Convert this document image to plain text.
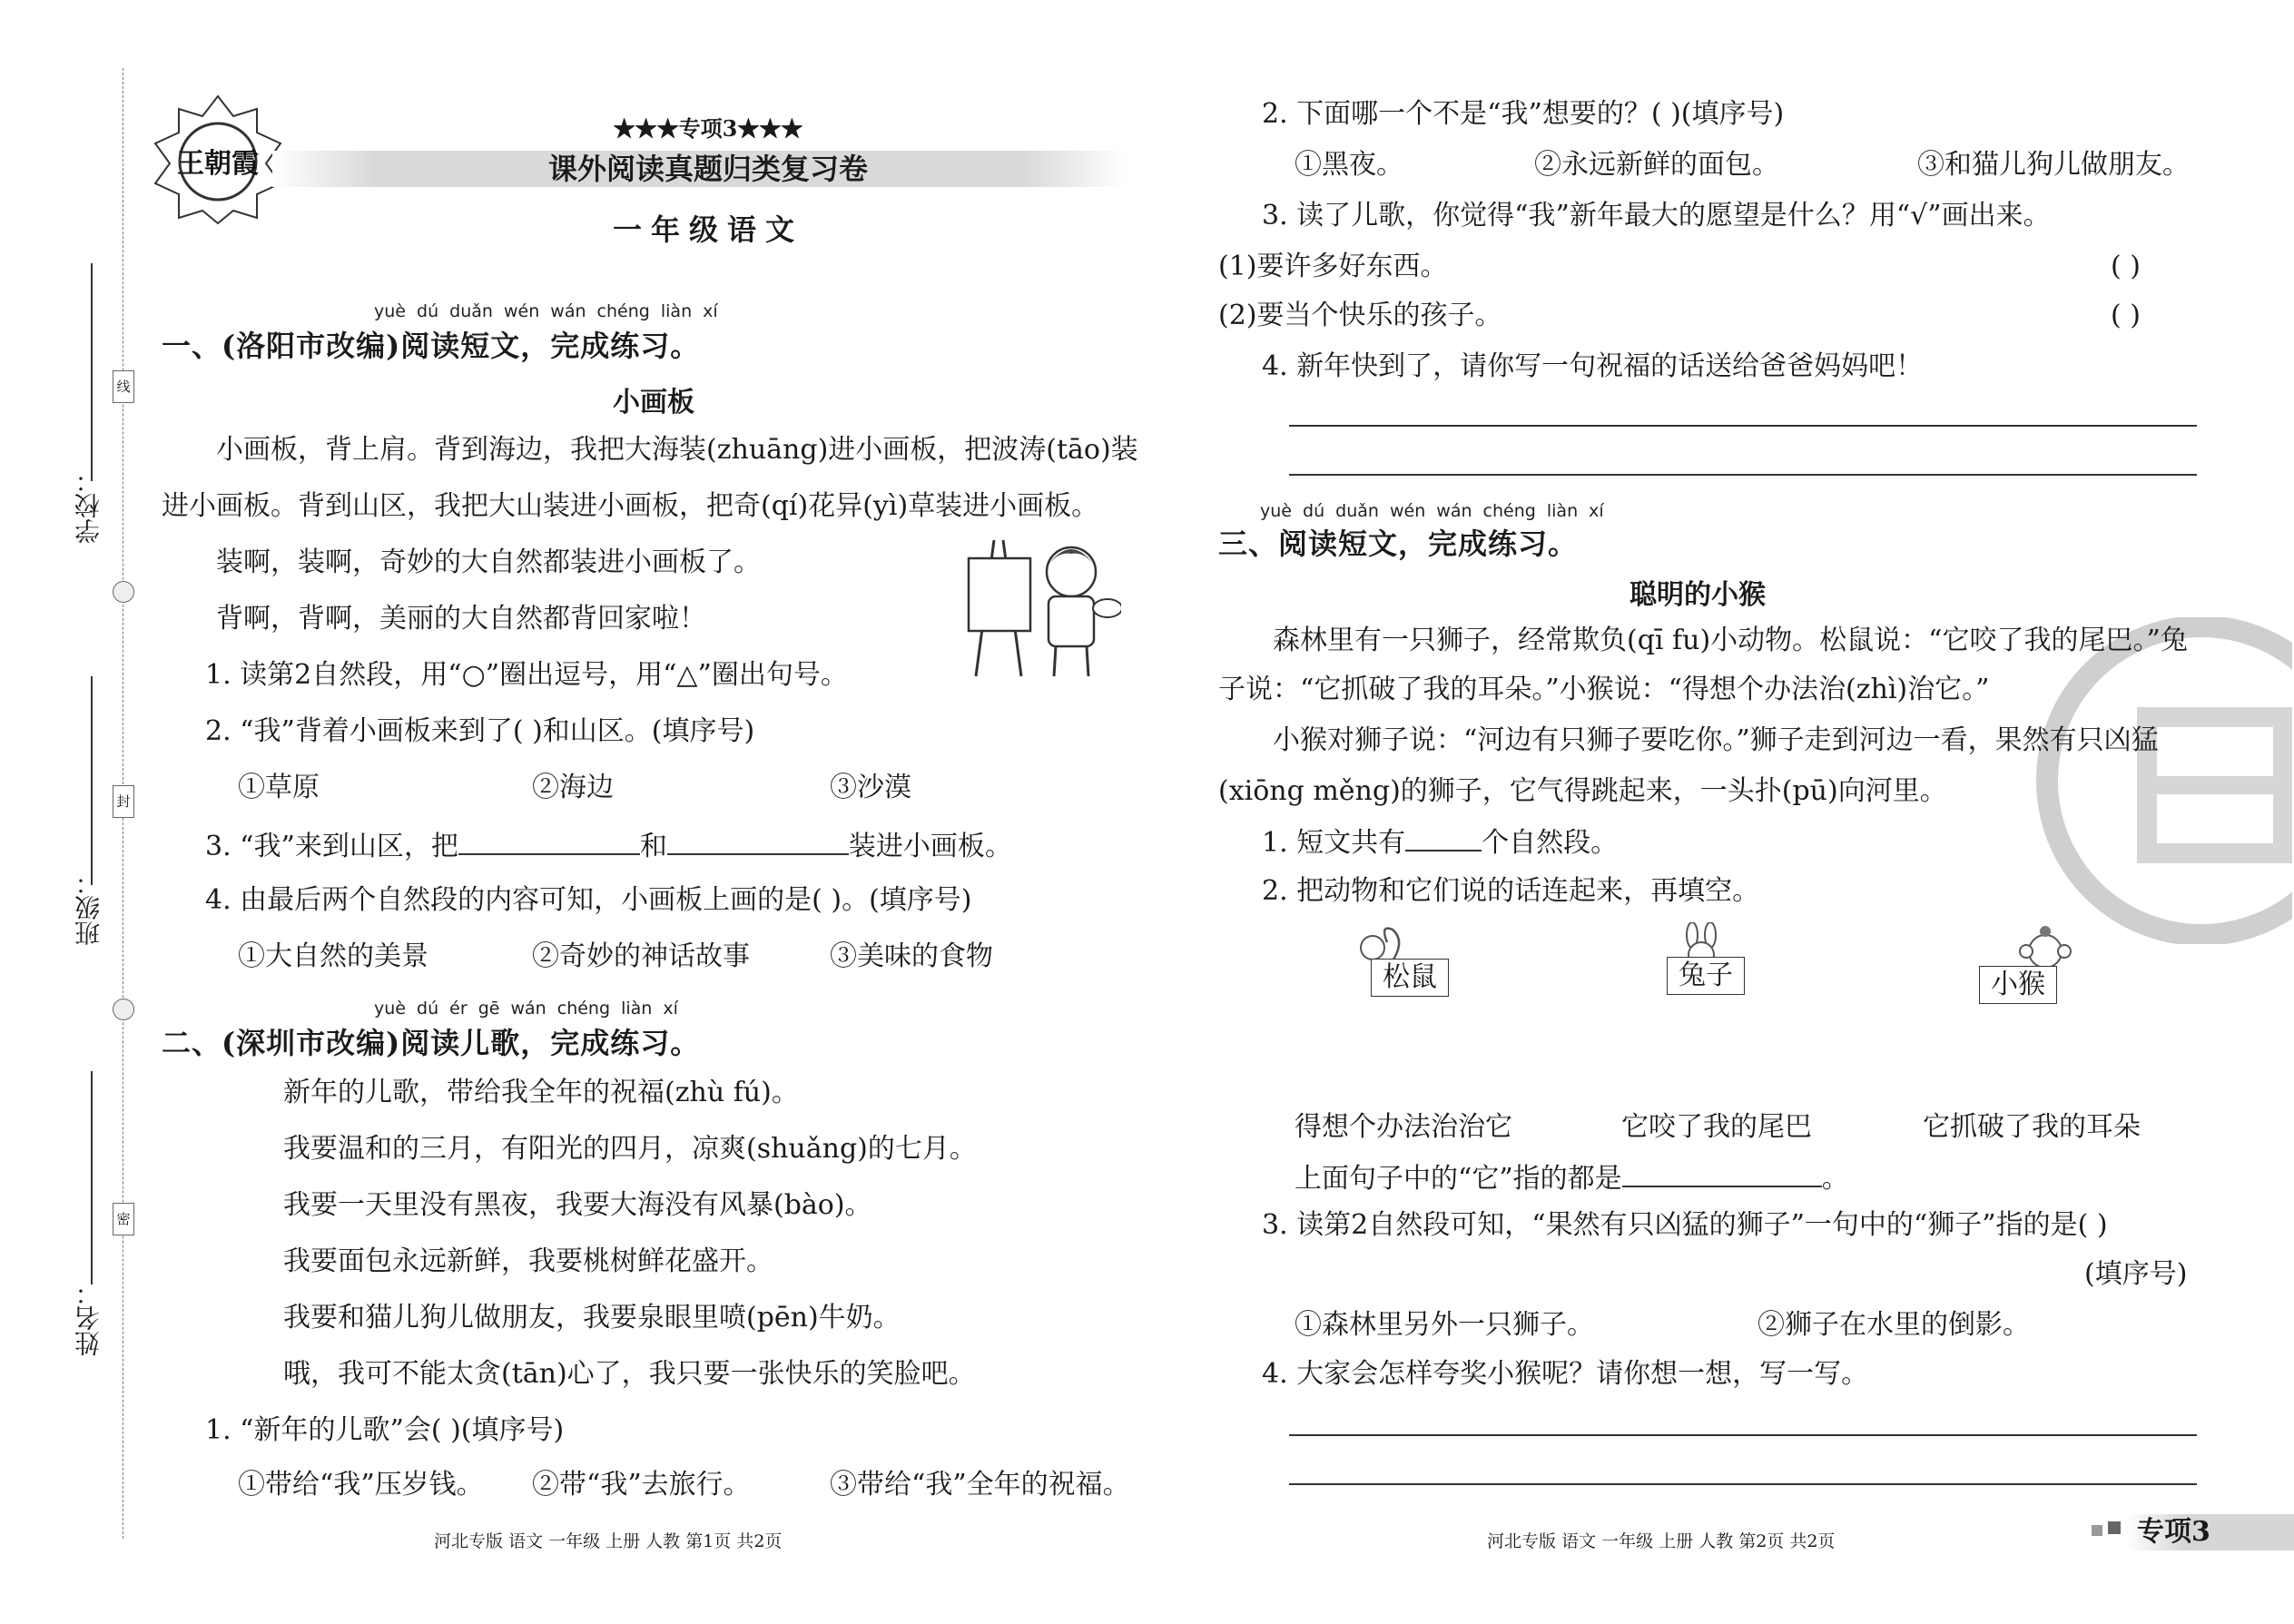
学校：
班级：
姓名：
线
封
密
王朝霞
★★★专项3★★★
课外阅读真题归类复习卷
一年级语文
yuè dú duǎn wén wán chéng liàn xí
一、(洛阳市改编)阅读短文，完成练习。
小画板
小画板，背上肩。背到海边，我把大海装(zhuāng)进小画板，把波涛(tāo)装
进小画板。背到山区，我把大山装进小画板，把奇(qí)花异(yì)草装进小画板。
装啊，装啊，奇妙的大自然都装进小画板了。
背啊，背啊，美丽的大自然都背回家啦！
1. 读第2自然段，用“○”圈出逗号，用“△”圈出句号。
2. “我”背着小画板来到了( )和山区。(填序号)
①草原	②海边	③沙漠
3. “我”来到山区，把	和	装进小画板。
4. 由最后两个自然段的内容可知，小画板上画的是( )。(填序号)
①大自然的美景	②奇妙的神话故事	③美味的食物
yuè dú ér gē wán chéng liàn xí
二、(深圳市改编)阅读儿歌，完成练习。
新年的儿歌，带给我全年的祝福(zhù fú)。
我要温和的三月，有阳光的四月，凉爽(shuǎng)的七月。
我要一天里没有黑夜，我要大海没有风暴(bào)。
我要面包永远新鲜，我要桃树鲜花盛开。
我要和猫儿狗儿做朋友，我要泉眼里喷(pēn)牛奶。
哦，我可不能太贪(tān)心了，我只要一张快乐的笑脸吧。
1. “新年的儿歌”会( )(填序号)
①带给“我”压岁钱。 ②带“我”去旅行。	③带给“我”全年的祝福。
2. 下面哪一个不是“我”想要的？( )(填序号)
①黑夜。	②永远新鲜的面包。	③和猫儿狗儿做朋友。
3. 读了儿歌，你觉得“我”新年最大的愿望是什么？用“√”画出来。
(1)要许多好东西。	( )
(2)要当个快乐的孩子。	( )
4. 新年快到了，请你写一句祝福的话送给爸爸妈妈吧！
yuè dú duǎn wén wán chéng liàn xí
三、阅读短文，完成练习。
聪明的小猴
森林里有一只狮子，经常欺负(qī fu)小动物。松鼠说：“它咬了我的尾巴。”兔
子说：“它抓破了我的耳朵。”小猴说：“得想个办法治(zhì)治它。”
小猴对狮子说：“河边有只狮子要吃你。”狮子走到河边一看，果然有只凶猛
(xiōng měng)的狮子，它气得跳起来，一头扑(pū)向河里。
1. 短文共有	个自然段。
2. 把动物和它们说的话连起来，再填空。
松鼠	兔子	小猴
得想个办法治治它	它咬了我的尾巴	它抓破了我的耳朵
上面句子中的“它”指的都是	。
3. 读第2自然段可知，“果然有只凶猛的狮子”一句中的“狮子”指的是( )
(填序号)
①森林里另外一只狮子。	②狮子在水里的倒影。
4. 大家会怎样夸奖小猴呢？请你想一想，写一写。
河北专版 语文 一年级 上册 人教 第1页 共2页	河北专版 语文 一年级 上册 人教 第2页 共2页	专项3
